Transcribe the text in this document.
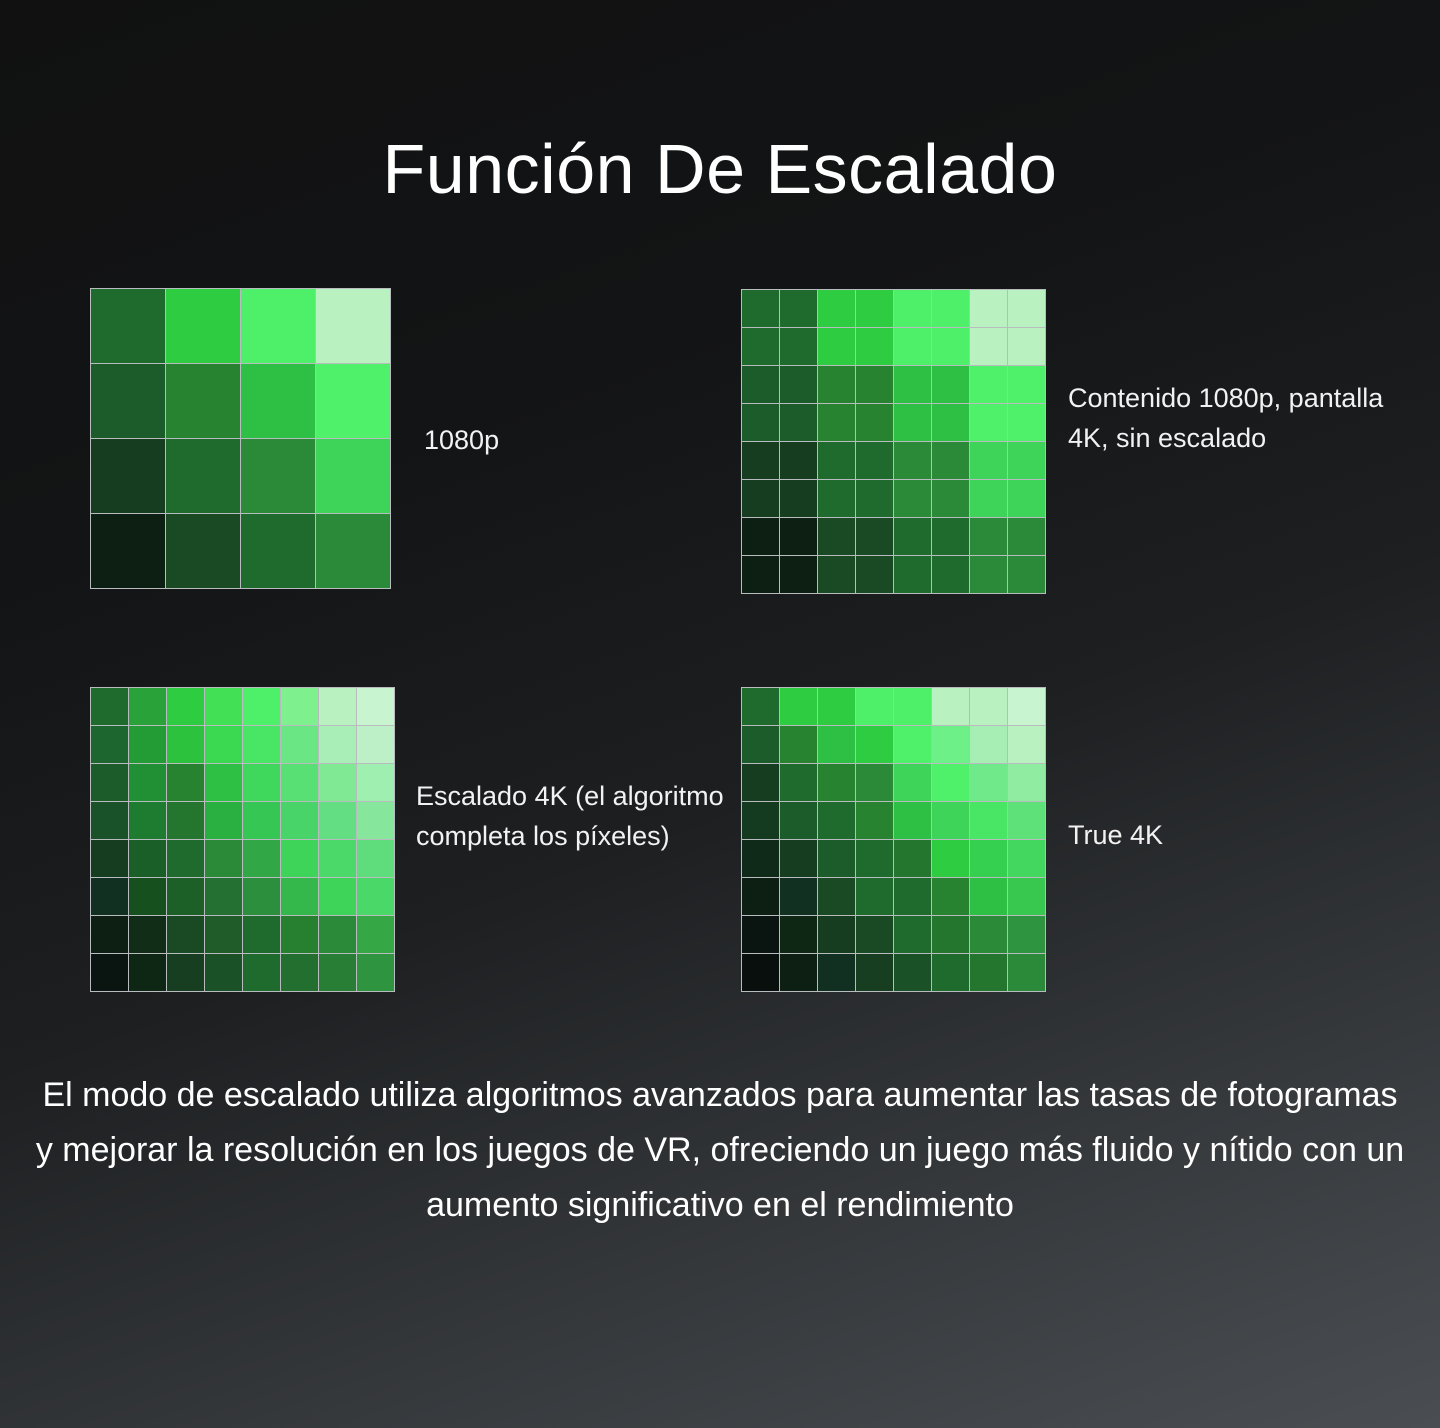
Función De Escalado
1080p
Contenido 1080p, pantalla 4K, sin escalado
Escalado 4K (el algoritmo completa los píxeles)	True 4K
El modo de escalado utiliza algoritmos avanzados para aumentar las tasas de fotogramas y mejorar la resolución en los juegos de VR, ofreciendo un juego más fluido y nítido con un aumento significativo en el rendimiento
